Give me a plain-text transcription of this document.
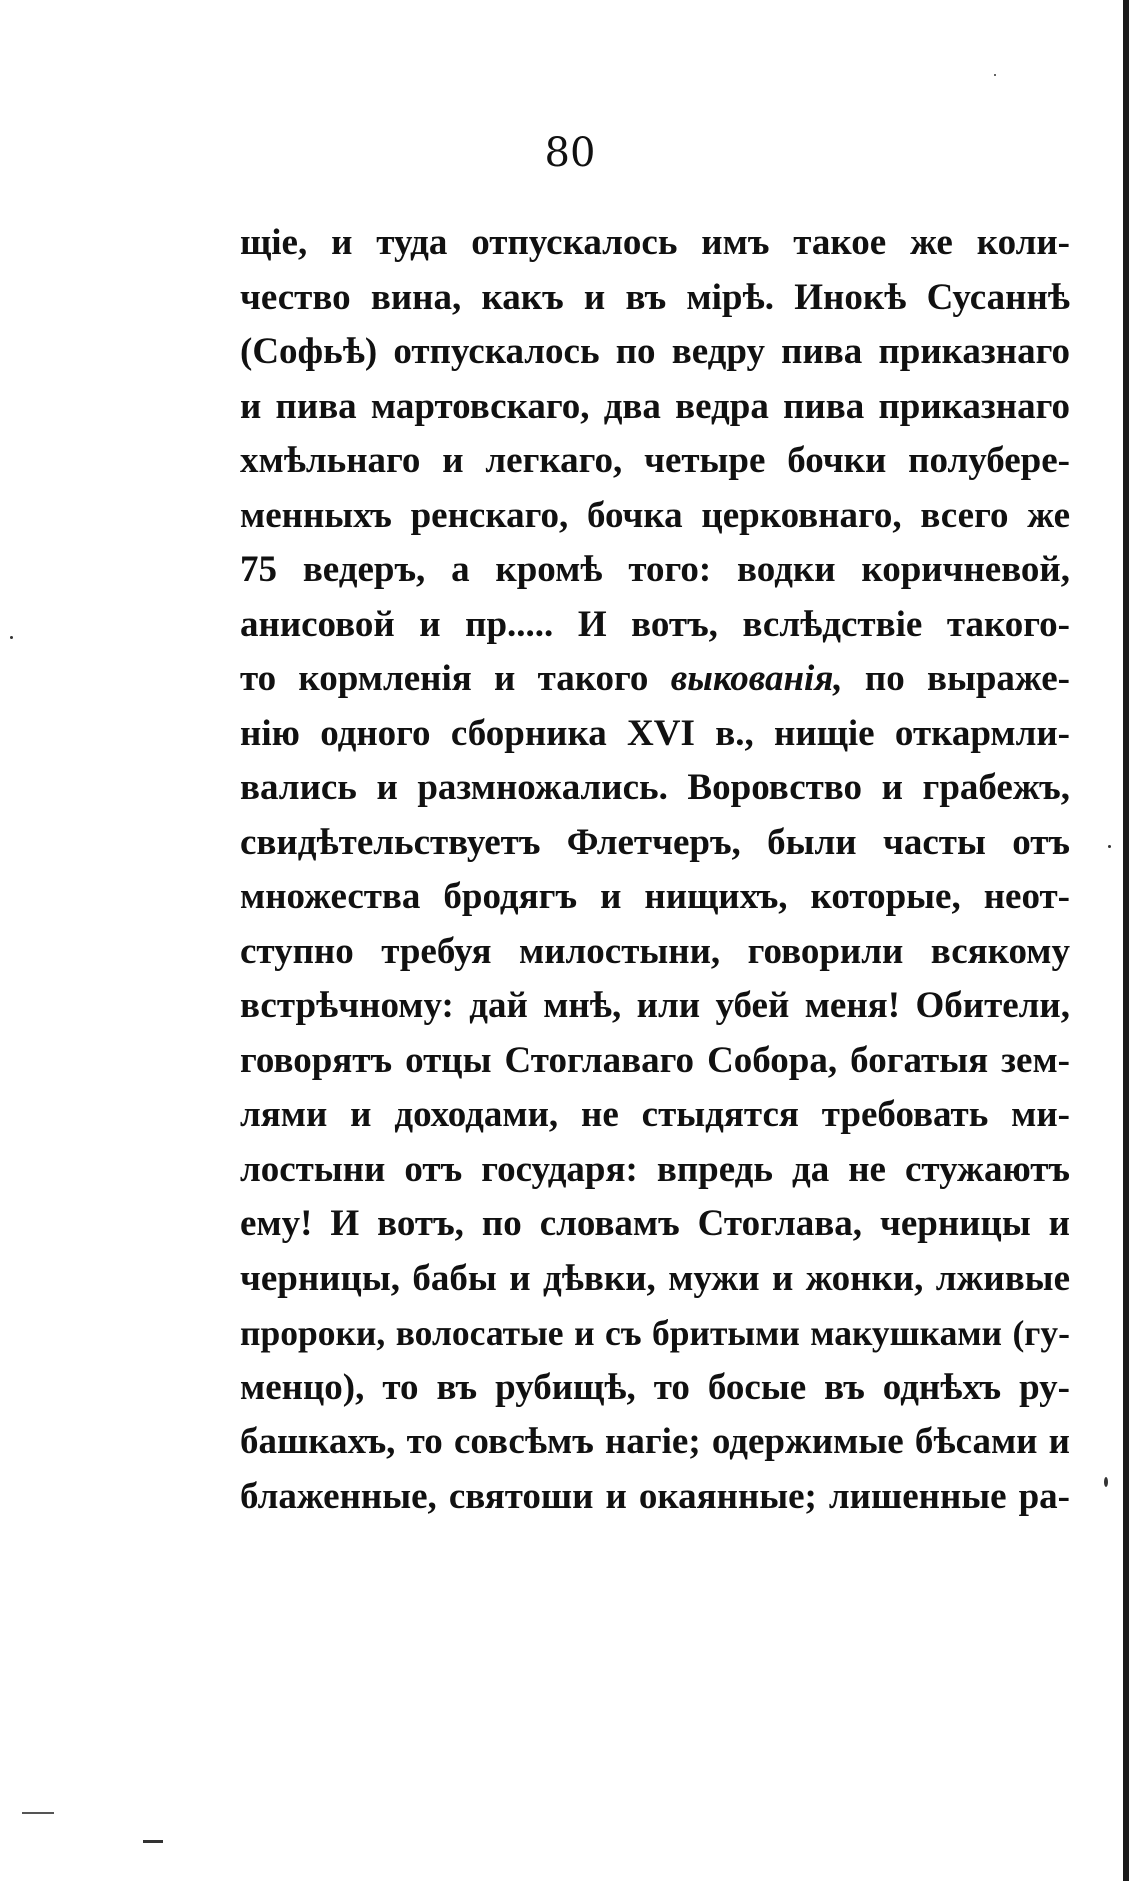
80
щіе, и туда отпускалось имъ такое же коли-
чество вина, какъ и въ мірѣ. Инокѣ Сусаннѣ
(Софьѣ) отпускалось по ведру пива приказнаго
и пива мартовскаго, два ведра пива приказнаго
хмѣльнаго и легкаго, четыре бочки полубере-
менныхъ ренскаго, бочка церковнаго, всего же
75 ведеръ, а кромѣ того: водки коричневой,
анисовой и пр..... И вотъ, вслѣдствіе такого-
то кормленія и такого выкованія, по выраже-
нію одного сборника XVI в., нищіе откармли-
вались и размножались. Воровство и грабежъ,
свидѣтельствуетъ Флетчеръ, были часты отъ
множества бродягъ и нищихъ, которые, неот-
ступно требуя милостыни, говорили всякому
встрѣчному: дай мнѣ, или убей меня! Обители,
говорятъ отцы Стоглаваго Собора, богатыя зем-
лями и доходами, не стыдятся требовать ми-
лостыни отъ государя: впредь да не стужаютъ
ему! И вотъ, по словамъ Стоглава, черницы и
черницы, бабы и дѣвки, мужи и жонки, лживые
пророки, волосатые и съ бритыми макушками (гу-
менцо), то въ рубищѣ, то босые въ однѣхъ ру-
башкахъ, то совсѣмъ нагіе; одержимые бѣсами и
блаженные, святоши и окаянные; лишенные ра-
